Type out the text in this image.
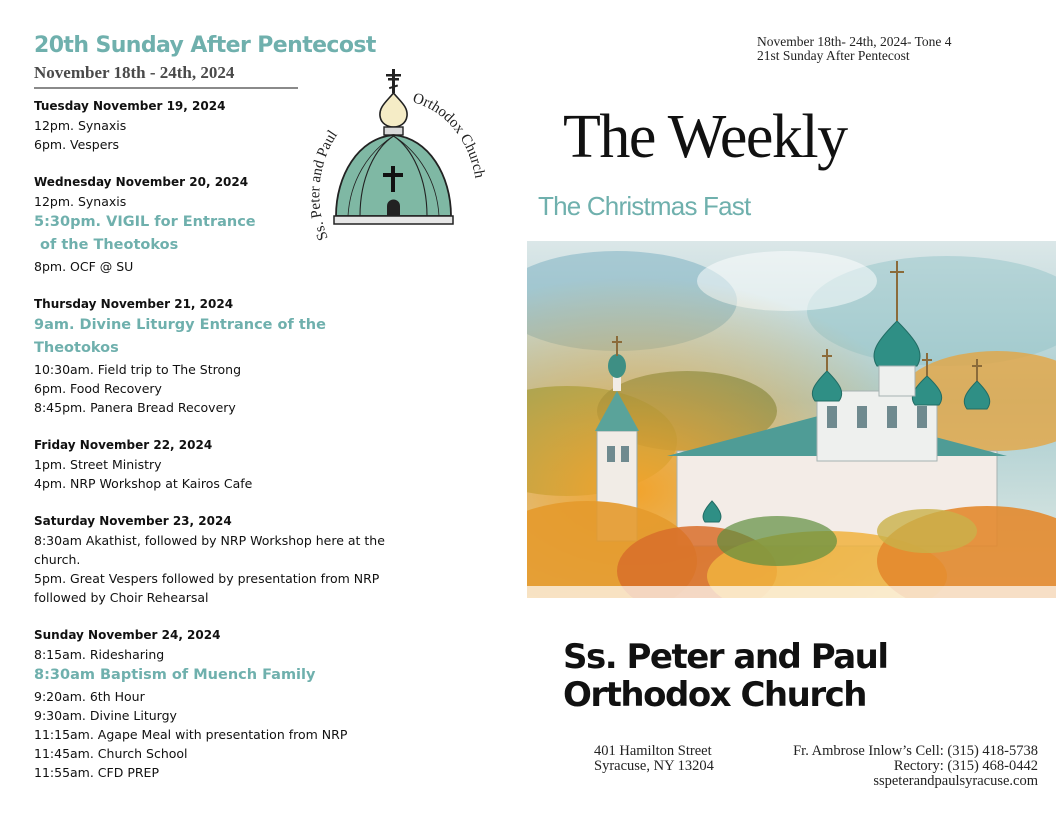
20th Sunday After Pentecost
November 18th - 24th, 2024
Tuesday November 19, 2024
12pm. Synaxis
6pm. Vespers
Wednesday November 20, 2024
12pm. Synaxis
5:30pm. VIGIL for Entrance
of the Theotokos
8pm. OCF @ SU
Thursday November 21, 2024
9am. Divine Liturgy Entrance of the Theotokos
10:30am. Field trip to The Strong
6pm. Food Recovery
8:45pm. Panera Bread Recovery
Friday November 22, 2024
1pm. Street Ministry
4pm. NRP Workshop at Kairos Cafe
Saturday November 23, 2024
8:30am Akathist, followed by NRP Workshop here at the church.
5pm. Great Vespers followed by presentation from NRP followed by Choir Rehearsal
Sunday November 24, 2024
8:15am. Ridesharing
8:30am Baptism of Muench Family
9:20am. 6th Hour
9:30am. Divine Liturgy
11:15am. Agape Meal with presentation from NRP
11:45am. Church School
11:55am. CFD PREP
Ss. Peter and Paul
Orthodox Church
November 18th- 24th, 2024- Tone 4
21st Sunday After Pentecost
The Weekly
The Christmas Fast
Ss. Peter and Paul
Orthodox Church
401 Hamilton Street
Syracuse, NY 13204
Fr. Ambrose Inlow’s Cell: (315) 418-5738
Rectory: (315) 468-0442
sspeterandpaulsyracuse.com
